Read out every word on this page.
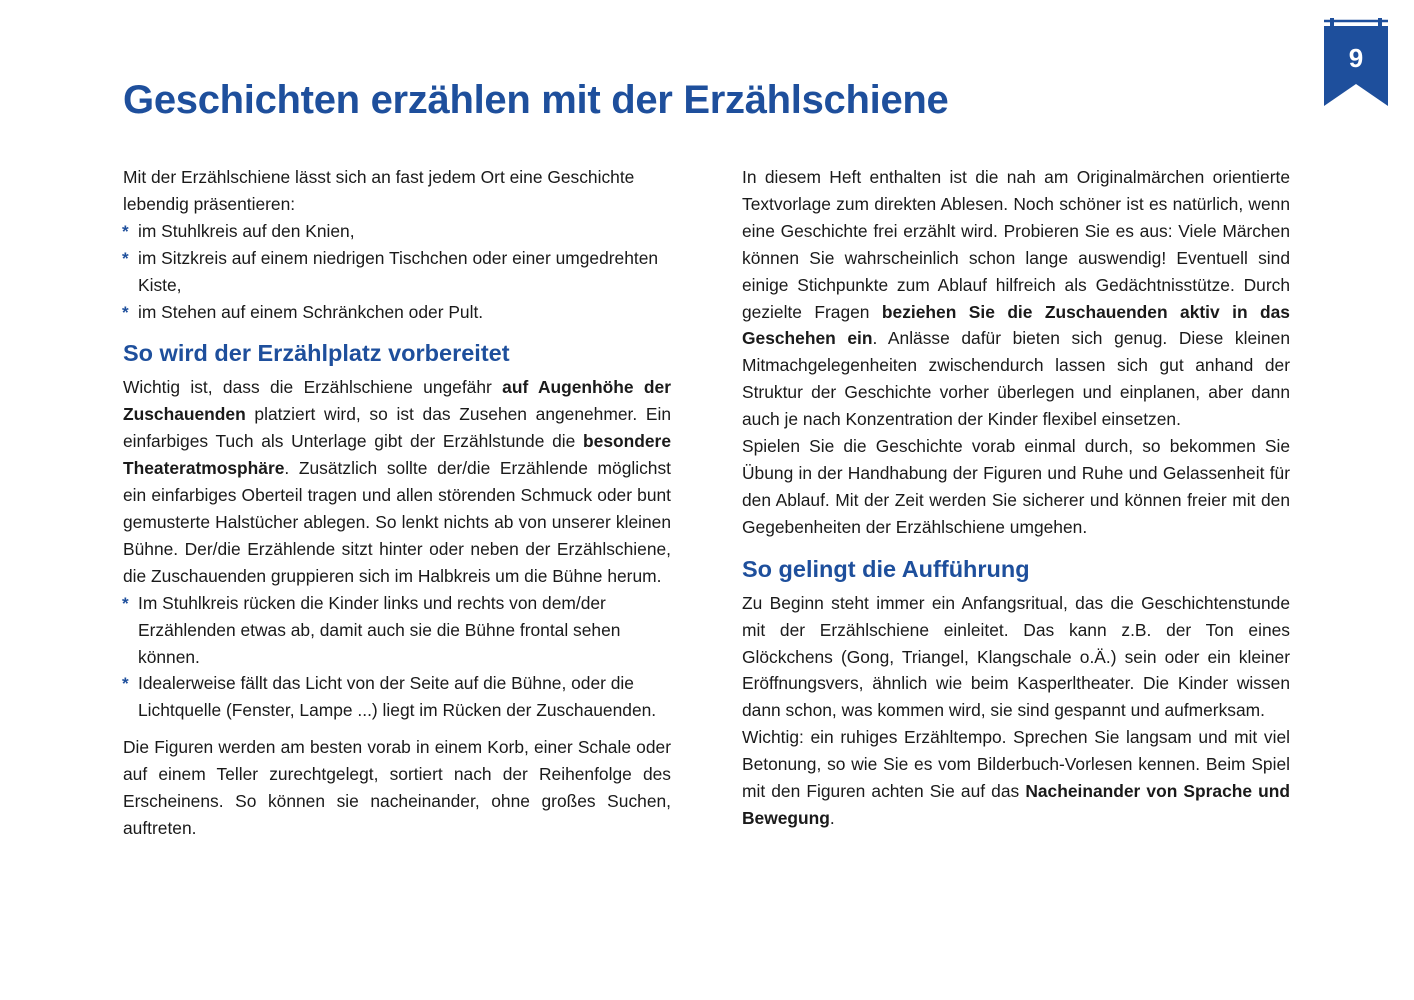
9
Geschichten erzählen mit der Erzählschiene

Mit der Erzählschiene lässt sich an fast jedem Ort eine Geschichte lebendig präsentieren:

* im Stuhlkreis auf den Knien,
* im Sitzkreis auf einem niedrigen Tischchen oder einer umgedrehten Kiste,
* im Stehen auf einem Schränkchen oder Pult.
So wird der Erzählplatz vorbereitet

Wichtig ist, dass die Erzählschiene ungefähr auf Augenhöhe der Zuschauenden platziert wird, so ist das Zusehen angenehmer. Ein einfarbiges Tuch als Unterlage gibt der Erzählstunde die besondere Theateratmosphäre. Zusätzlich sollte der/die Erzählende möglichst ein einfarbiges Oberteil tragen und allen störenden Schmuck oder bunt gemusterte Halstücher ablegen. So lenkt nichts ab von unserer kleinen Bühne. Der/die Erzählende sitzt hinter oder neben der Erzählschiene, die Zuschauenden gruppieren sich im Halbkreis um die Bühne herum.

* Im Stuhlkreis rücken die Kinder links und rechts von dem/der Erzählenden etwas ab, damit auch sie die Bühne frontal sehen können.
* Idealerweise fällt das Licht von der Seite auf die Bühne, oder die Lichtquelle (Fenster, Lampe ...) liegt im Rücken der Zuschauenden.

Die Figuren werden am besten vorab in einem Korb, einer Schale oder auf einem Teller zurechtgelegt, sortiert nach der Reihenfolge des Erscheinens. So können sie nacheinander, ohne großes Suchen, auftreten.

In diesem Heft enthalten ist die nah am Originalmärchen orientierte Textvorlage zum direkten Ablesen. Noch schöner ist es natürlich, wenn eine Geschichte frei erzählt wird. Probieren Sie es aus: Viele Märchen können Sie wahrscheinlich schon lange auswendig! Eventuell sind einige Stichpunkte zum Ablauf hilfreich als Gedächtnisstütze. Durch gezielte Fragen beziehen Sie die Zuschauenden aktiv in das Geschehen ein. Anlässe dafür bieten sich genug. Diese kleinen Mitmachgelegenheiten zwischendurch lassen sich gut anhand der Struktur der Geschichte vorher überlegen und einplanen, aber dann auch je nach Konzentration der Kinder flexibel einsetzen.

Spielen Sie die Geschichte vorab einmal durch, so bekommen Sie Übung in der Handhabung der Figuren und Ruhe und Gelassenheit für den Ablauf. Mit der Zeit werden Sie sicherer und können freier mit den Gegebenheiten der Erzählschiene umgehen.

So gelingt die Aufführung

Zu Beginn steht immer ein Anfangsritual, das die Geschichtenstunde mit der Erzählschiene einleitet. Das kann z.B. der Ton eines Glöckchens (Gong, Triangel, Klangschale o.Ä.) sein oder ein kleiner Eröffnungsvers, ähnlich wie beim Kasperltheater. Die Kinder wissen dann schon, was kommen wird, sie sind gespannt und aufmerksam.

Wichtig: ein ruhiges Erzähltempo. Sprechen Sie langsam und mit viel Betonung, so wie Sie es vom Bilderbuch-Vorlesen kennen. Beim Spiel mit den Figuren achten Sie auf das Nacheinander von Sprache und Bewegung.
